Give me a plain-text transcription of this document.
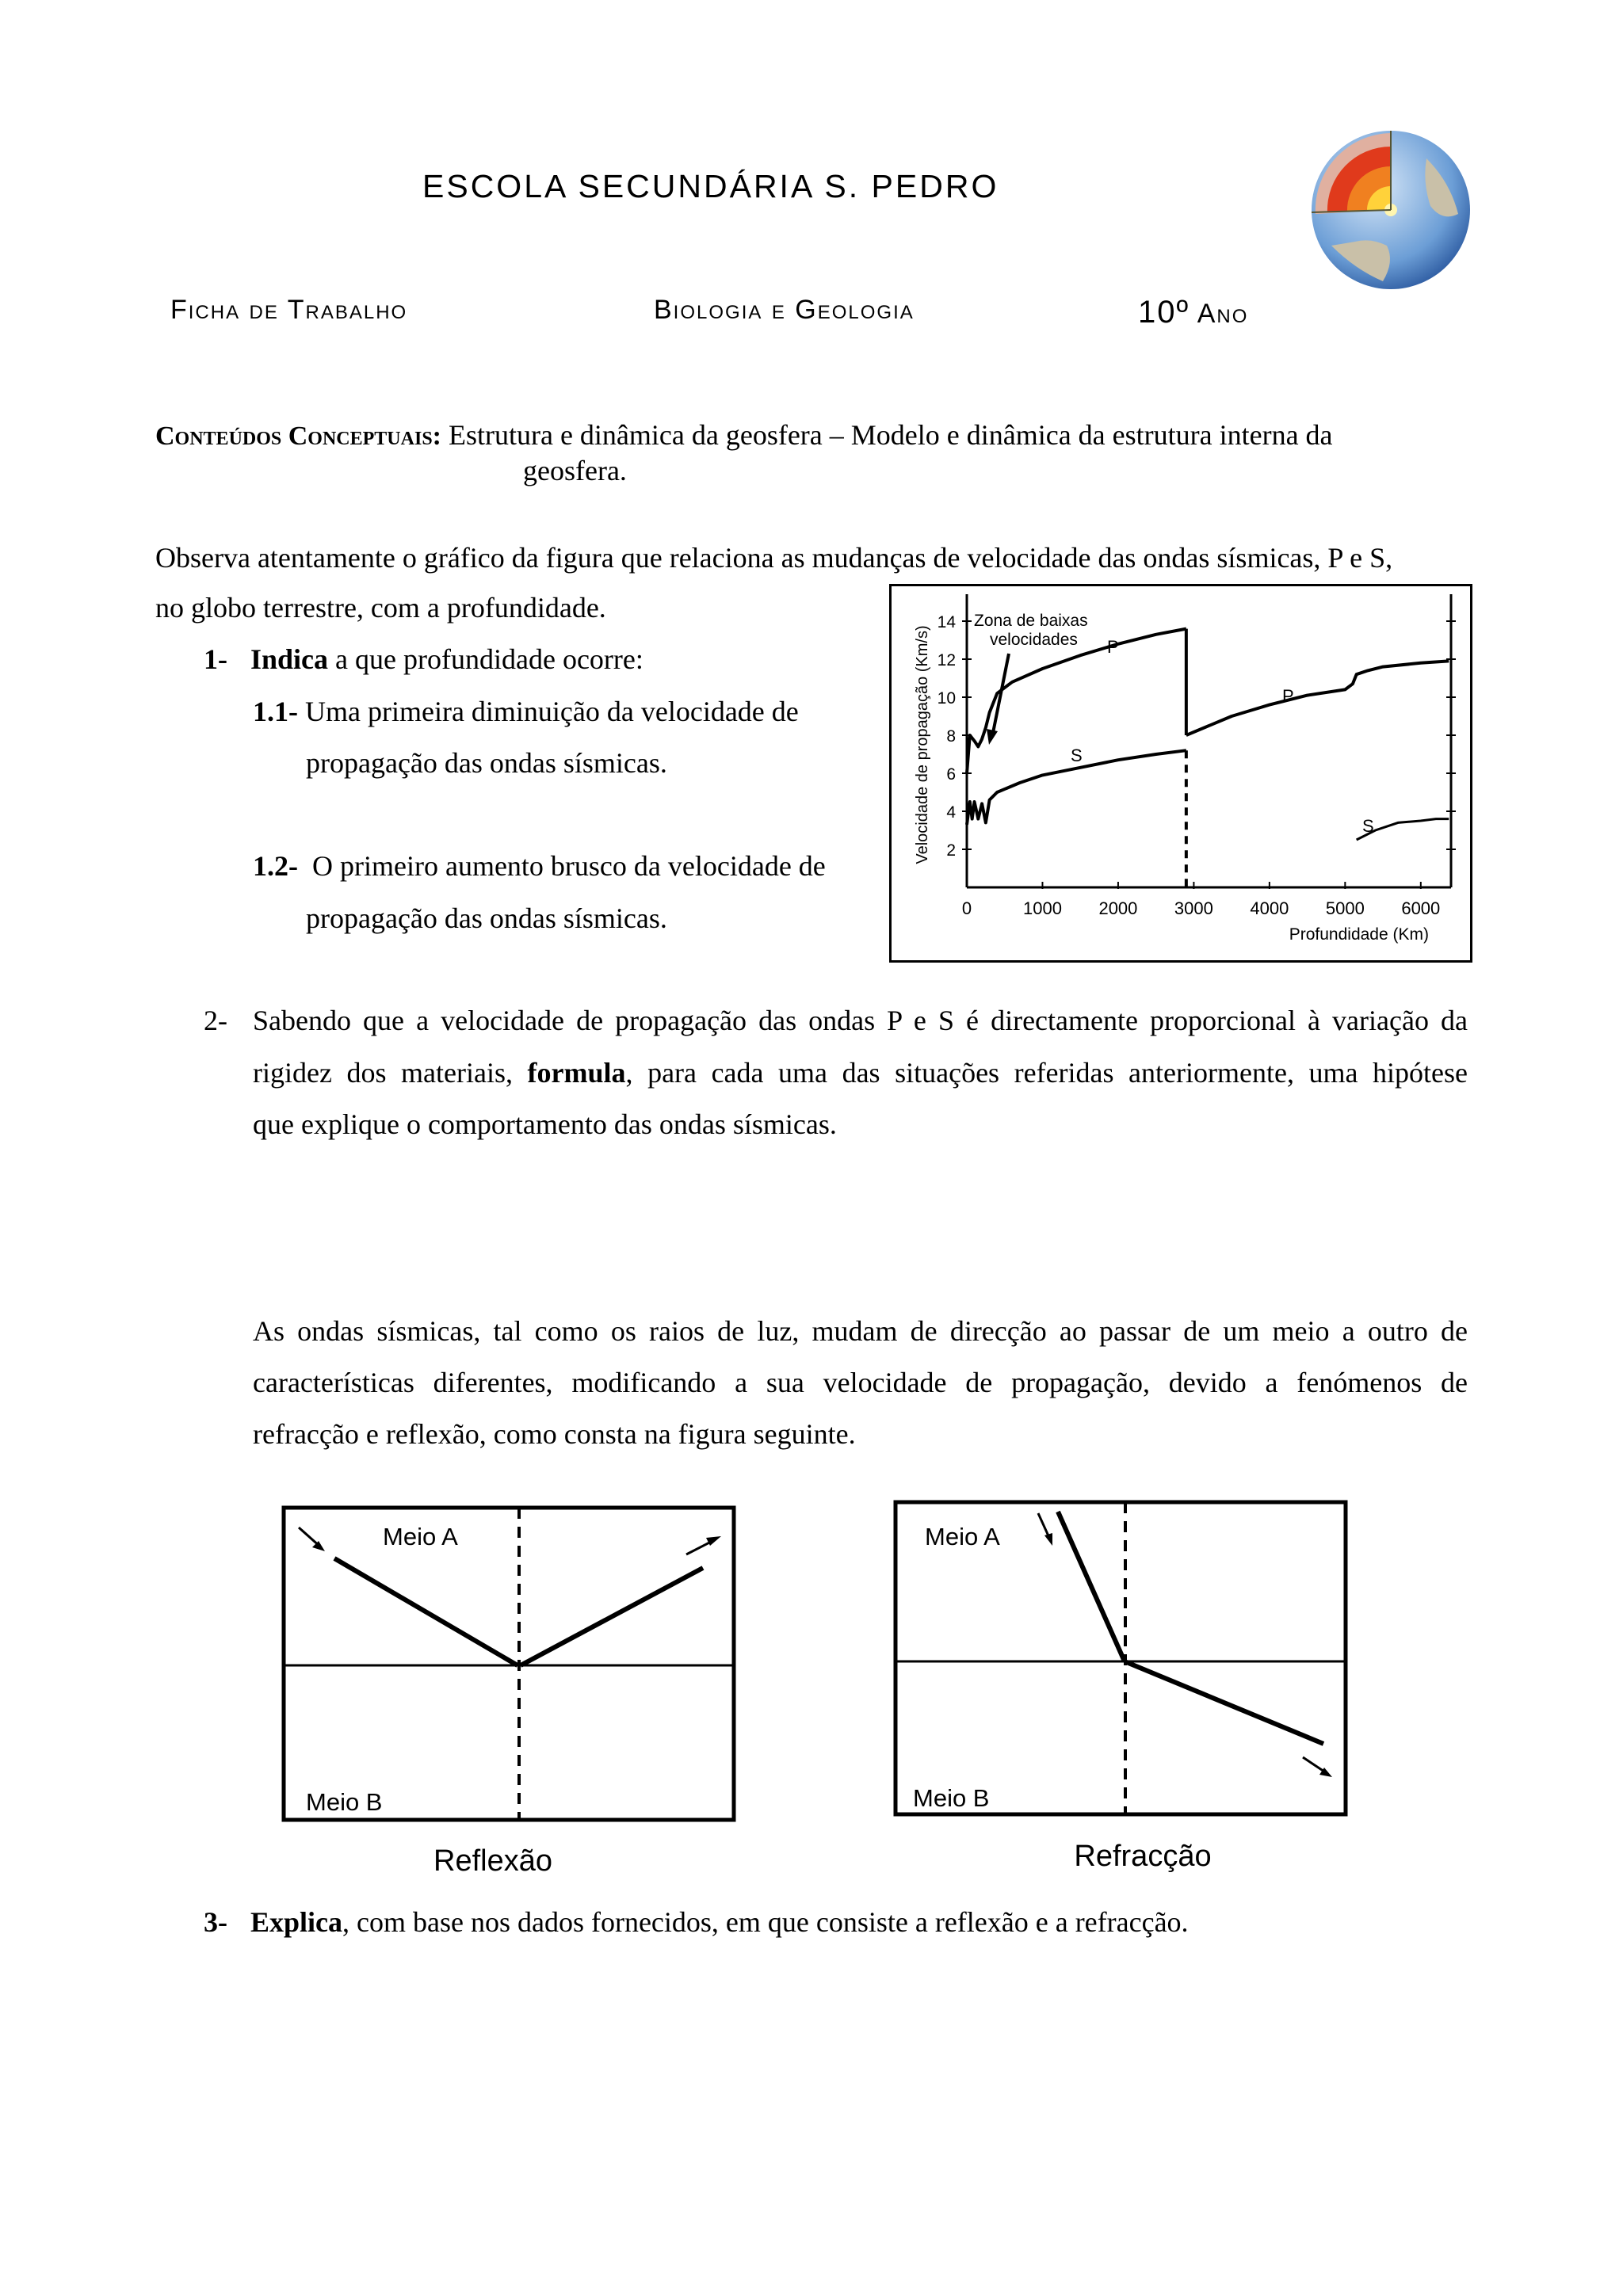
ESCOLA SECUNDÁRIA S. PEDRO
Ficha de Trabalho	Biologia e Geologia	10º Ano
Conteúdos Conceptuais: Estrutura e dinâmica da geosfera – Modelo e dinâmica da estrutura interna da
geosfera.
Observa atentamente o gráfico da figura que relaciona as mudanças de velocidade das ondas sísmicas, P e S,
no globo terrestre, com a profundidade.
1- Indica a que profundidade ocorre:
1.1- Uma primeira diminuição da velocidade de
propagação das ondas sísmicas.
1.2-  O primeiro aumento brusco da velocidade de
propagação das ondas sísmicas.
Velocidade de propagação (Km/s)
Profundidade (Km)
Zona de baixas
velocidades P
P
S
S
2
4
6
8
10
12
14
0	1000 2000 3000 4000 5000 6000
2- Sabendo que a velocidade de propagação das ondas P e S é directamente proporcional à variação da
rigidez dos materiais, formula, para cada uma das situações referidas anteriormente, uma hipótese
que explique o comportamento das ondas sísmicas.
As ondas sísmicas, tal como os raios de luz, mudam de direcção ao passar de um meio a outro de
características diferentes, modificando a sua velocidade de propagação, devido a fenómenos de
refracção e reflexão, como consta na figura seguinte.
Meio A
Meio B
Reflexão
Meio A
Meio B
Refracção
3- Explica, com base nos dados fornecidos, em que consiste a reflexão e a refracção.
